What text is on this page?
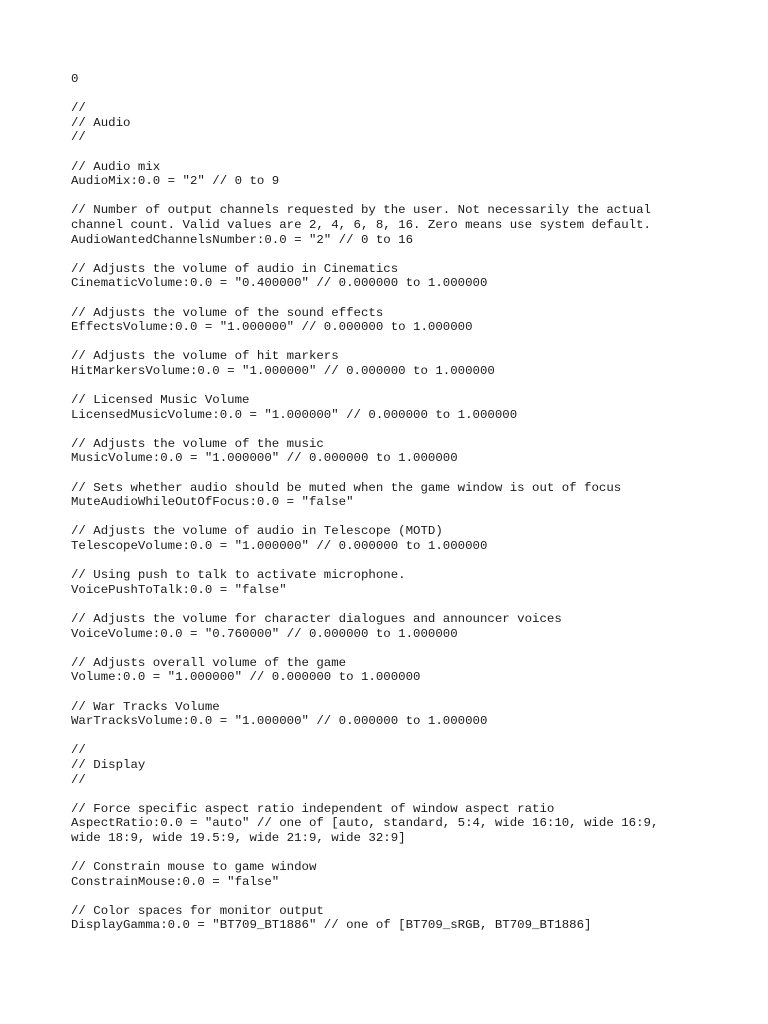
0
//
// Audio
//
// Audio mix
AudioMix:0.0 = "2" // 0 to 9
// Number of output channels requested by the user. Not necessarily the actual
channel count. Valid values are 2, 4, 6, 8, 16. Zero means use system default.
AudioWantedChannelsNumber:0.0 = "2" // 0 to 16
// Adjusts the volume of audio in Cinematics
CinematicVolume:0.0 = "0.400000" // 0.000000 to 1.000000
// Adjusts the volume of the sound effects
EffectsVolume:0.0 = "1.000000" // 0.000000 to 1.000000
// Adjusts the volume of hit markers
HitMarkersVolume:0.0 = "1.000000" // 0.000000 to 1.000000
// Licensed Music Volume
LicensedMusicVolume:0.0 = "1.000000" // 0.000000 to 1.000000
// Adjusts the volume of the music
MusicVolume:0.0 = "1.000000" // 0.000000 to 1.000000
// Sets whether audio should be muted when the game window is out of focus
MuteAudioWhileOutOfFocus:0.0 = "false"
// Adjusts the volume of audio in Telescope (MOTD)
TelescopeVolume:0.0 = "1.000000" // 0.000000 to 1.000000
// Using push to talk to activate microphone.
VoicePushToTalk:0.0 = "false"
// Adjusts the volume for character dialogues and announcer voices
VoiceVolume:0.0 = "0.760000" // 0.000000 to 1.000000
// Adjusts overall volume of the game
Volume:0.0 = "1.000000" // 0.000000 to 1.000000
// War Tracks Volume
WarTracksVolume:0.0 = "1.000000" // 0.000000 to 1.000000
//
// Display
//
// Force specific aspect ratio independent of window aspect ratio
AspectRatio:0.0 = "auto" // one of [auto, standard, 5:4, wide 16:10, wide 16:9,
wide 18:9, wide 19.5:9, wide 21:9, wide 32:9]
// Constrain mouse to game window
ConstrainMouse:0.0 = "false"
// Color spaces for monitor output
DisplayGamma:0.0 = "BT709_BT1886" // one of [BT709_sRGB, BT709_BT1886]
